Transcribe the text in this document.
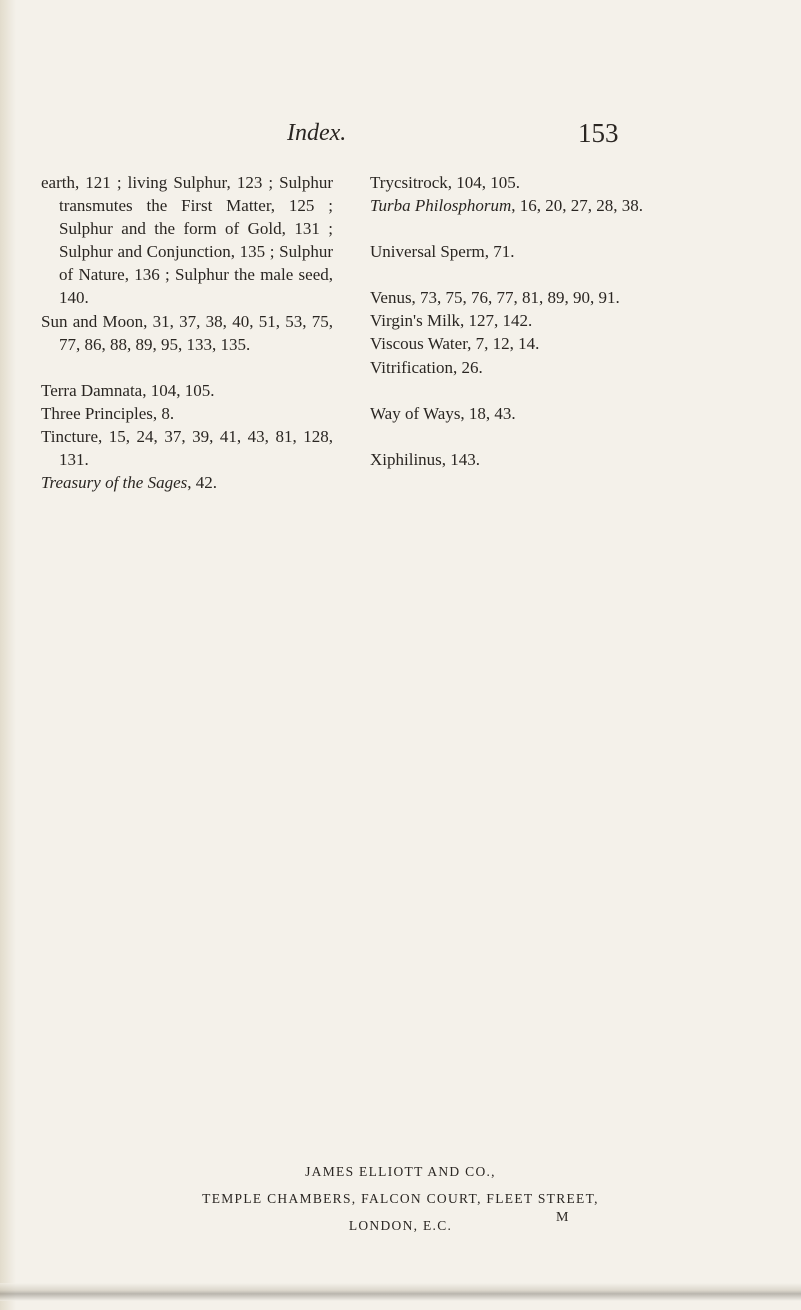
Index.	153

earth, 121 ; living Sulphur, 123 ; Sulphur transmutes the First Matter, 125 ; Sulphur and the form of Gold, 131 ; Sulphur and Conjunction, 135 ; Sulphur of Nature, 136 ; Sulphur the male seed, 140.

Sun and Moon, 31, 37, 38, 40, 51, 53, 75, 77, 86, 88, 89, 95, 133, 135.

Terra Damnata, 104, 105.

Three Principles, 8.

Tincture, 15, 24, 37, 39, 41, 43, 81, 128, 131.

Treasury of the Sages, 42.

Trycsitrock, 104, 105.

Turba Philosphorum, 16, 20, 27, 28, 38.

Universal Sperm, 71.

Venus, 73, 75, 76, 77, 81, 89, 90, 91.

Virgin's Milk, 127, 142.

Viscous Water, 7, 12, 14.

Vitrification, 26.

Way of Ways, 18, 43.

Xiphilinus, 143.

JAMES ELLIOTT AND CO.,
TEMPLE CHAMBERS, FALCON COURT, FLEET STREET,
LONDON, E.C.
M
